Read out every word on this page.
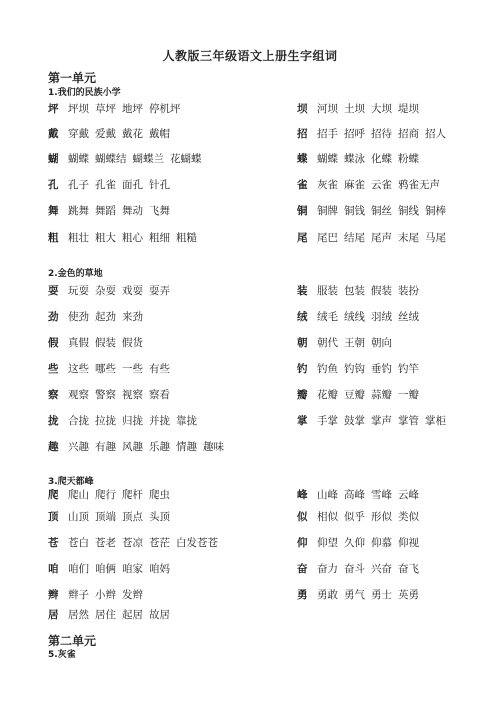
人教版三年级语文上册生字组词
第一单元
1.我们的民族小学
2.金色的草地
3.爬天都峰
第二单元
5.灰雀
坪 坪坝 草坪 地坪 停机坪	坝 河坝 土坝 大坝 堤坝
戴 穿戴 爱戴 戴花 戴帽	招 招手 招呼 招待 招商 招人
蝴 蝴蝶 蝴蝶结 蝴蝶兰 花蝴蝶	蝶 蝴蝶 蝶泳 化蝶 粉蝶
孔 孔子 孔雀 面孔 针孔	雀 灰雀 麻雀 云雀 鸦雀无声
舞 跳舞 舞蹈 舞动 飞舞	铜 铜牌 铜钱 铜丝 铜线 铜棒
粗 粗壮 粗大 粗心 粗细 粗糙	尾 尾巴 结尾 尾声 末尾 马尾
耍 玩耍 杂耍 戏耍 耍弄	装 服装 包装 假装 装扮
劲 使劲 起劲 来劲	绒 绒毛 绒线 羽绒 丝绒
假 真假 假装 假货	朝 朝代 王朝 朝向
些 这些 哪些 一些 有些	钓 钓鱼 钓钩 垂钓 钓竿
察 观察 警察 视察 察看	瓣 花瓣 豆瓣 蒜瓣 一瓣
拢 合拢 拉拢 归拢 并拢 靠拢	掌 手掌 鼓掌 掌声 掌管 掌柜
趣 兴趣 有趣 风趣 乐趣 情趣 趣味
爬 爬山 爬行 爬杆 爬虫	峰 山峰 高峰 雪峰 云峰
顶 山顶 顶端 顶点 头顶	似 相似 似乎 形似 类似
苍 苍白 苍老 苍凉 苍茫 白发苍苍	仰 仰望 久仰 仰慕 仰视
咱 咱们 咱俩 咱家 咱妈	奋 奋力 奋斗 兴奋 奋飞
辫 辫子 小辫 发辫	勇 勇敢 勇气 勇士 英勇
居 居然 居住 起居 故居
